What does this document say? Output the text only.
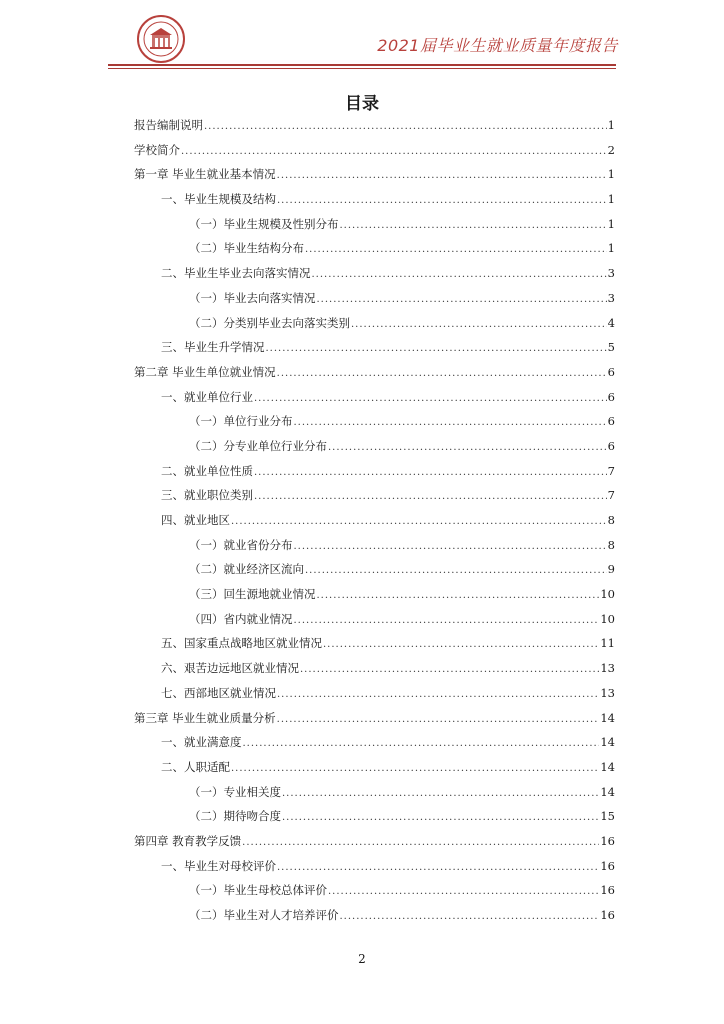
2021届毕业生就业质量年度报告
目录
报告编制说明 .....	1
学校简介 .....	2
第一章 毕业生就业基本情况 .....	1
一、毕业生规模及结构 .....	1
（一）毕业生规模及性别分布 .....	1
（二）毕业生结构分布 .....	1
二、毕业生毕业去向落实情况 .....	3
（一）毕业去向落实情况 .....	3
（二）分类别毕业去向落实类别 .....	4
三、毕业生升学情况 .....	5
第二章 毕业生单位就业情况 .....	6
一、就业单位行业 .....	6
（一）单位行业分布 .....	6
（二）分专业单位行业分布 .....	6
二、就业单位性质 .....	7
三、就业职位类别 .....	7
四、就业地区 .....	8
（一）就业省份分布 .....	8
（二）就业经济区流向 .....	9
（三）回生源地就业情况 .....	10
（四）省内就业情况 .....	10
五、国家重点战略地区就业情况 .....	11
六、艰苦边远地区就业情况 .....	13
七、西部地区就业情况 .....	13
第三章 毕业生就业质量分析 .....	14
一、就业满意度 .....	14
二、人职适配 .....	14
（一）专业相关度 .....	14
（二）期待吻合度 .....	15
第四章 教育教学反馈 .....	16
一、毕业生对母校评价 .....	16
（一）毕业生母校总体评价 .....	16
（二）毕业生对人才培养评价 .....	16
2
